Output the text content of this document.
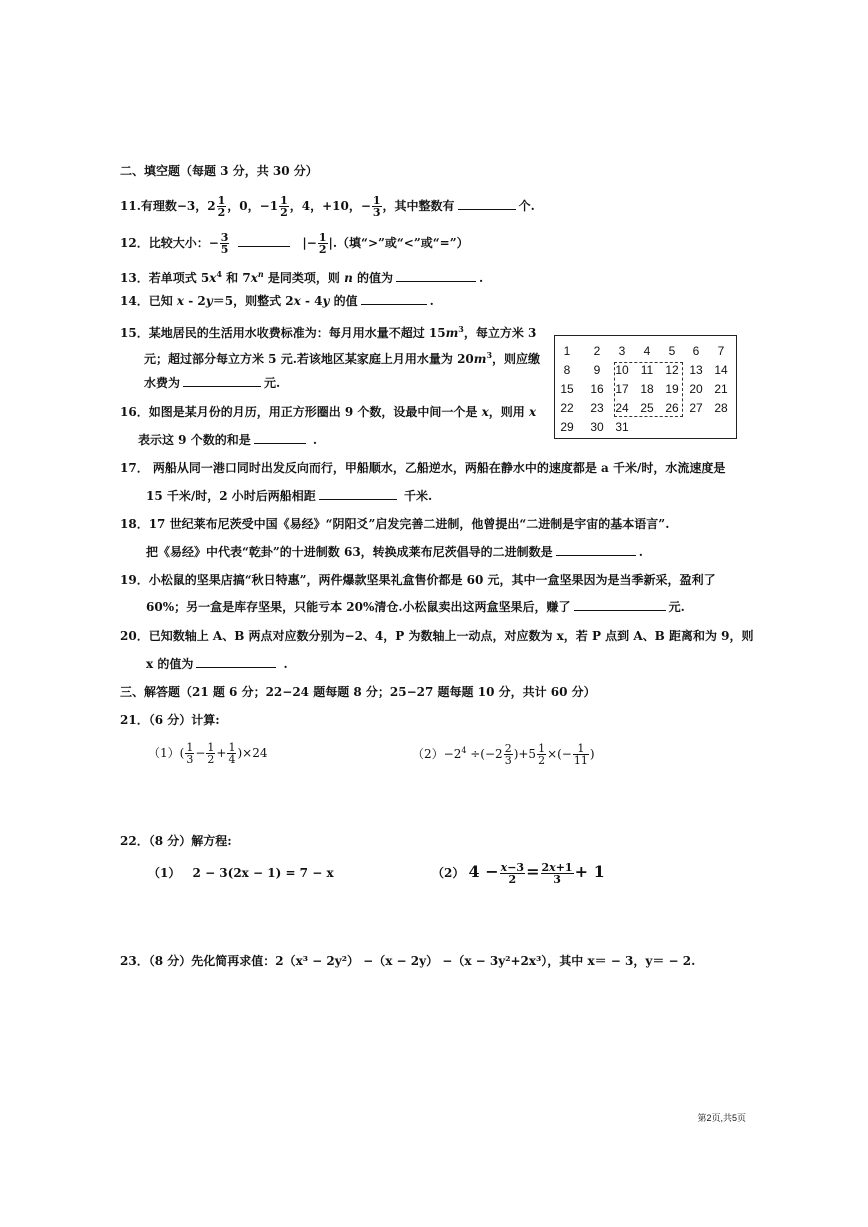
二、填空题（每题 3 分，共 30 分）
11.有理数−3，$2 \frac{1}{2}$ ，0，$-1 \frac{1}{2}$ ，4，+10，− $\frac{1}{3}$ ，其中整数有	个.
12．比较大小：− $\frac{3}{5}$	|− $\frac{1}{2}$ |.（填“>”或“<”或“=”）
13．若单项式 $5x^4$ 和 $7x^n$ 是同类项，则 n 的值为	.
14．已知 x - 2y＝5，则整式 2x - 4y 的值	.
15．某地居民的生活用水收费标准为：每月用水量不超过 $15m^3$，每立方米 3
元；超过部分每立方米 5 元.若该地区某家庭上月用水量为 $20m^3$，则应缴
水费为	元.
16．如图是某月份的月历，用正方形圈出 9 个数，设最中间一个是 x，则用 x
表示这 9 个数的和是	.
1	2	3	4	5	6	7
8	9	10	11	12 13 14
15 16 17 18 19 20 21
22 23 24 25 26 27 28
29 30 31
17． 两船从同一港口同时出发反向而行，甲船顺水，乙船逆水，两船在静水中的速度都是 a 千米/时，水流速度是
15 千米/时，2 小时后两船相距	千米.
18．17 世纪莱布尼茨受中国《易经》“阴阳爻”启发完善二进制，他曾提出“二进制是宇宙的基本语言”.
把《易经》中代表“乾卦”的十进制数 63，转换成莱布尼茨倡导的二进制数是	.
19．小松鼠的坚果店搞“秋日特惠”，两件爆款坚果礼盒售价都是 60 元，其中一盒坚果因为是当季新采，盈利了
60%；另一盒是库存坚果，只能亏本 20%清仓.小松鼠卖出这两盒坚果后，赚了	元.
20．已知数轴上 A、B 两点对应数分别为−2、4，P 为数轴上一动点，对应数为 x，若 P 点到 A、B 距离和为 9，则
x 的值为	.
三、解答题（21 题 6 分；22−24 题每题 8 分；25−27 题每题 10 分，共计 60 分）
21．（6 分）计算:
$(1)( \frac{1}{3} - \frac{1}{2} + \frac{1}{4} )\times 24$	$(2)-2^4 \div(-2 \frac{2}{3} )+5 \frac{1}{2}$ ×(− $\frac{1}{11}$ )
22．（8 分）解方程:
（1） 2 − 3(2x − 1) = 7 − x	（2） $4 - \frac{x-3}{2} = \frac{2x+1}{3} + 1$
23．（8 分）先化简再求值：2（x³ − 2y²） −（x − 2y） −（x − 3y²+2x³），其中 x＝ − 3，y＝ − 2.
第2页,共5页
